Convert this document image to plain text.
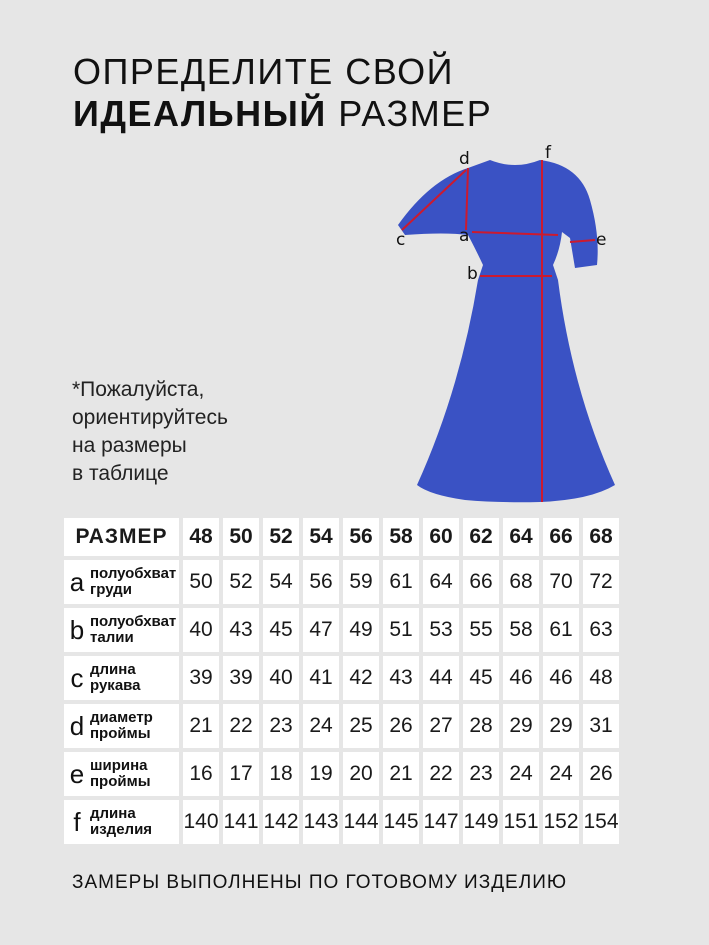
ОПРЕДЕЛИТЕ СВОЙ
ИДЕАЛЬНЫЙ РАЗМЕР
*Пожалуйста,
ориентируйтесь
на размеры
в таблице
d	f
c	a	e
b
РАЗМЕР	48	50	52	54	56	58	60	62	64	66	68

a полуобхват
груди	50	52	54	56	59	61	64	66	68	70	72

b полуобхват
талии	40	43	45	47	49	51	53	55	58	61	63

c длина
рукава	39	39	40	41	42	43	44	45	46	46	48

d диаметр
проймы	21	22	23	24	25	26	27	28	29	29	31

e ширина
проймы	16	17	18	19	20	21	22	23	24	24	26

f длина
изделия	140	141	142	143	144	145	147	149	151	152	154
ЗАМЕРЫ ВЫПОЛНЕНЫ ПО ГОТОВОМУ ИЗДЕЛИЮ
